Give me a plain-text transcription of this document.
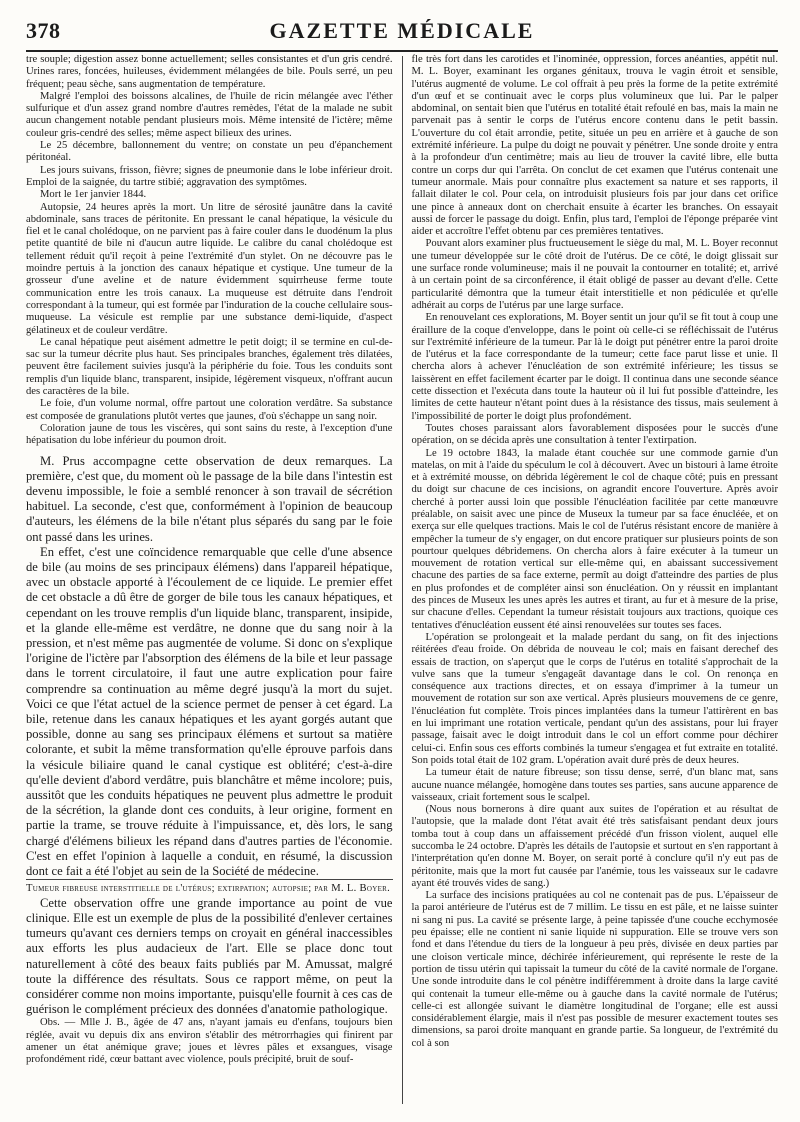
378	GAZETTE MÉDICALE

tre souple; digestion assez bonne actuellement; selles consistantes et d'un gris cendré. Urines rares, foncées, huileuses, évidemment mélangées de bile. Pouls serré, un peu fréquent; peau sèche, sans augmentation de température.

Malgré l'emploi des boissons alcalines, de l'huile de ricin mélangée avec l'éther sulfurique et d'un assez grand nombre d'autres remèdes, l'état de la malade ne subit aucun changement notable pendant plusieurs mois. Même intensité de l'ictère; même couleur gris-cendré des selles; même aspect bilieux des urines.

Le 25 décembre, ballonnement du ventre; on constate un peu d'épanchement péritonéal.

Les jours suivans, frisson, fièvre; signes de pneumonie dans le lobe inférieur droit. Emploi de la saignée, du tartre stibié; aggravation des symptômes.

Mort le 1er janvier 1844.

Autopsie, 24 heures après la mort. Un litre de sérosité jaunâtre dans la cavité abdominale, sans traces de péritonite. En pressant le canal hépatique, la vésicule du fiel et le canal cholédoque, on ne parvient pas à faire couler dans le duodénum la plus petite quantité de bile ni d'aucun autre liquide. Le calibre du canal cholédoque est tellement réduit qu'il reçoit à peine l'extrémité d'un stylet. On ne découvre pas le moindre pertuis à la jonction des canaux hépatique et cystique. Une tumeur de la grosseur d'une aveline et de nature évidemment squirrheuse ferme toute communication entre les trois canaux. La muqueuse est détruite dans l'endroit correspondant à la tumeur, qui est formée par l'induration de la couche cellulaire sous-muqueuse. La vésicule est remplie par une substance demi-liquide, d'aspect gélatineux et de couleur verdâtre.

Le canal hépatique peut aisément admettre le petit doigt; il se termine en cul-de-sac sur la tumeur décrite plus haut. Ses principales branches, également très dilatées, peuvent être facilement suivies jusqu'à la périphérie du foie. Tous les conduits sont remplis d'un liquide blanc, transparent, insipide, légèrement visqueux, n'offrant aucun des caractères de la bile.

Le foie, d'un volume normal, offre partout une coloration verdâtre. Sa substance est composée de granulations plutôt vertes que jaunes, d'où s'échappe un sang noir.

Coloration jaune de tous les viscères, qui sont sains du reste, à l'exception d'une hépatisation du lobe inférieur du poumon droit.

M. Prus accompagne cette observation de deux remarques. La première, c'est que, du moment où le passage de la bile dans l'intestin est devenu impossible, le foie a semblé renoncer à son travail de sécrétion habituel. La seconde, c'est que, conformément à l'opinion de beaucoup d'auteurs, les élémens de la bile n'étant plus séparés du sang par le foie ont passé dans les urines.

En effet, c'est une coïncidence remarquable que celle d'une absence de bile (au moins de ses principaux élémens) dans l'appareil hépatique, avec un obstacle apporté à l'écoulement de ce liquide. Le premier effet de cet obstacle a dû être de gorger de bile tous les canaux hépatiques, et cependant on les trouve remplis d'un liquide blanc, transparent, insipide, et la glande elle-même est verdâtre, ne donne que du sang noir à la pression, et n'est même pas augmentée de volume. Si donc on s'explique l'origine de l'ictère par l'absorption des élémens de la bile et leur passage dans le torrent circulatoire, il faut une autre explication pour faire comprendre sa continuation au même degré jusqu'à la mort du sujet. Voici ce que l'état actuel de la science permet de penser à cet égard. La bile, retenue dans les canaux hépatiques et les ayant gorgés autant que possible, donne au sang ses principaux élémens et surtout sa matière colorante, et subit la même transformation qu'elle éprouve parfois dans la vésicule biliaire quand le canal cystique est oblitéré; c'est-à-dire qu'elle devient d'abord verdâtre, puis blanchâtre et même incolore; puis, aussitôt que les conduits hépatiques ne peuvent plus admettre le produit de la sécrétion, la glande dont ces conduits, à leur origine, forment en partie la trame, se trouve réduite à l'impuissance, et, dès lors, le sang chargé d'élémens bilieux les répand dans d'autres parties de l'économie. C'est en effet l'opinion à laquelle a conduit, en résumé, la discussion dont ce fait a été l'objet au sein de la Société de médecine.

Tumeur fibreuse interstitielle de l'utérus; extirpation; autopsie; par M. L. Boyer.

Cette observation offre une grande importance au point de vue clinique. Elle est un exemple de plus de la possibilité d'enlever certaines tumeurs qu'avant ces derniers temps on croyait en général inaccessibles aux efforts les plus audacieux de l'art. Elle se place donc tout naturellement à côté des beaux faits publiés par M. Amussat, malgré toute la différence des résultats. Sous ce rapport même, on peut la considérer comme non moins importante, puisqu'elle fournit à ces cas de guérison le complément précieux des données d'anatomie pathologique.

Obs. — Mlle J. B., âgée de 47 ans, n'ayant jamais eu d'enfans, toujours bien réglée, avait vu depuis dix ans environ s'établir des métrorrhagies qui finirent par amener un état anémique grave; joues et lèvres pâles et exsangues, visage profondément ridé, cœur battant avec violence, pouls précipité, bruit de souf-

fle très fort dans les carotides et l'inominée, oppression, forces anéanties, appétit nul. M. L. Boyer, examinant les organes génitaux, trouva le vagin étroit et sensible, l'utérus augmenté de volume. Le col offrait à peu près la forme de la petite extrémité d'un œuf et se continuait avec le corps plus volumineux que lui. Par le palper abdominal, on sentait bien que l'utérus en totalité était refoulé en bas, mais la main ne parvenait pas à sentir le corps de l'utérus encore contenu dans le petit bassin. L'ouverture du col était arrondie, petite, située un peu en arrière et à gauche de son extrémité inférieure. La pulpe du doigt ne pouvait y pénétrer. Une sonde droite y entra à la profondeur d'un centimètre; mais au lieu de trouver la cavité libre, elle butta contre un corps dur qui l'arrêta. On conclut de cet examen que l'utérus contenait une tumeur anormale. Mais pour connaître plus exactement sa nature et ses rapports, il fallait dilater le col. Pour cela, on introduisit plusieurs fois par jour dans cet orifice une pince à anneaux dont on cherchait ensuite à écarter les branches. On essayait aussi de forcer le passage du doigt. Enfin, plus tard, l'emploi de l'éponge préparée vint aider et accroître l'effet obtenu par ces premières tentatives.

Pouvant alors examiner plus fructueusement le siège du mal, M. L. Boyer reconnut une tumeur développée sur le côté droit de l'utérus. De ce côté, le doigt glissait sur une surface ronde volumineuse; mais il ne pouvait la contourner en totalité; et, arrivé à un certain point de sa circonférence, il était obligé de passer au devant d'elle. Cette particularité démontra que la tumeur était interstitielle et non pédiculée et qu'elle adhérait au corps de l'utérus par une large surface.

En renouvelant ces explorations, M. Boyer sentit un jour qu'il se fit tout à coup une éraillure de la coque d'enveloppe, dans le point où celle-ci se réfléchissait de l'utérus sur l'extrémité inférieure de la tumeur. Par là le doigt put pénétrer entre la paroi droite de l'utérus et la face correspondante de la tumeur; cette face parut lisse et unie. Il chercha alors à achever l'énucléation de son extrémité inférieure; les tissus se laissèrent en effet facilement écarter par le doigt. Il continua dans une seconde séance cette dissection et l'exécuta dans toute la hauteur où il lui fut possible d'atteindre, les limites de cette hauteur n'étant point dues à la résistance des tissus, mais seulement à l'impossibilité de porter le doigt plus profondément.

Toutes choses paraissant alors favorablement disposées pour le succès d'une opération, on se décida après une consultation à tenter l'extirpation.

Le 19 octobre 1843, la malade étant couchée sur une commode garnie d'un matelas, on mit à l'aide du spéculum le col à découvert. Avec un bistouri à lame étroite et à extrémité mousse, on débrida légèrement le col de chaque côté; puis en pressant du doigt sur chacune de ces incisions, on agrandit encore l'ouverture. Après avoir cherché à porter aussi loin que possible l'énucléation facilitée par cette manœuvre préalable, on saisit avec une pince de Museux la tumeur par sa face énucléée, et on exerça sur elle quelques tractions. Mais le col de l'utérus résistant encore de manière à empêcher la tumeur de s'y engager, on dut encore pratiquer sur plusieurs points de son pourtour quelques débridemens. On chercha alors à faire exécuter à la tumeur un mouvement de rotation vertical sur elle-même qui, en abaissant successivement chacune des parties de sa face externe, permît au doigt d'atteindre des parties de plus en plus profondes et de compléter ainsi son énucléation. On y réussit en implantant des pinces de Museux les unes après les autres et tirant, au fur et à mesure de la prise, sur chacune d'elles. Cependant la tumeur résistait toujours aux tractions, quoique ces tentatives d'énucléation eussent été ainsi renouvelées sur toutes ses faces.

L'opération se prolongeait et la malade perdant du sang, on fit des injections réitérées d'eau froide. On débrida de nouveau le col; mais en faisant derechef des essais de traction, on s'aperçut que le corps de l'utérus en totalité s'approchait de la vulve sans que la tumeur s'engageât davantage dans le col. On renonça en conséquence aux tractions directes, et on essaya d'imprimer à la tumeur un mouvement de rotation sur son axe vertical. Après plusieurs mouvemens de ce genre, l'énucléation fut complète. Trois pinces implantées dans la tumeur l'attirèrent en bas en lui imprimant une rotation verticale, pendant qu'un des assistans, pour lui frayer passage, faisait avec le doigt introduit dans le col un effort comme pour déchirer celui-ci. Enfin sous ces efforts combinés la tumeur s'engagea et fut extraite en totalité. Son poids total était de 102 gram. L'opération avait duré près de deux heures.

La tumeur était de nature fibreuse; son tissu dense, serré, d'un blanc mat, sans aucune nuance mélangée, homogène dans toutes ses parties, sans aucune apparence de vaisseaux, criait fortement sous le scalpel.

(Nous nous bornerons à dire quant aux suites de l'opération et au résultat de l'autopsie, que la malade dont l'état avait été très satisfaisant pendant deux jours tomba tout à coup dans un affaissement précédé d'un frisson violent, auquel elle succomba le 24 octobre. D'après les détails de l'autopsie et surtout en s'en rapportant à l'interprétation qu'en donne M. Boyer, on serait porté à conclure qu'il n'y eut pas de péritonite, mais que la mort fut causée par l'anémie, tous les vaisseaux sur le cadavre ayant été trouvés vides de sang.)

La surface des incisions pratiquées au col ne contenait pas de pus. L'épaisseur de la paroi antérieure de l'utérus est de 7 millim. Le tissu en est pâle, et ne laisse suinter ni sang ni pus. La cavité se présente large, à peine tapissée d'une couche ecchymosée peu épaisse; elle ne contient ni sanie liquide ni suppuration. Elle se trouve vers son fond et dans l'étendue du tiers de la longueur à peu près, divisée en deux parties par une cloison verticale mince, déchirée inférieurement, qui représente le reste de la portion de tissu utérin qui tapissait la tumeur du côté de la cavité normale de l'organe. Une sonde introduite dans le col pénètre indifféremment à droite dans la large cavité qui contenait la tumeur elle-même ou à gauche dans la cavité normale de l'utérus; celle-ci est allongée suivant le diamètre longitudinal de l'organe; elle est aussi considérablement élargie, mais il n'est pas possible de mesurer exactement toutes ses dimensions, sa paroi droite manquant en grande partie. Sa longueur, de l'extrémité du col à son
